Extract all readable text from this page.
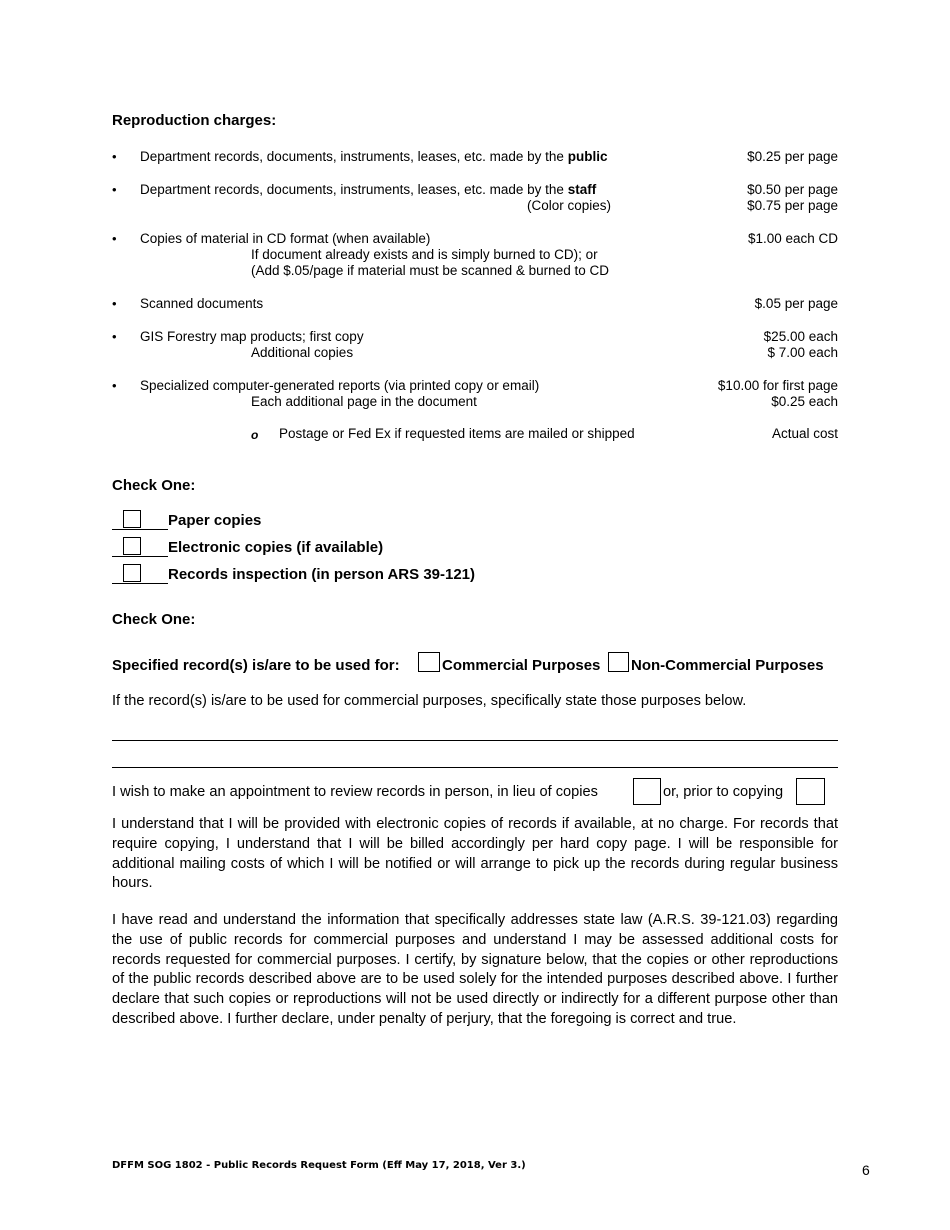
Reproduction charges:
• Department records, documents, instruments, leases, etc. made by the public	$0.25 per page
• Department records, documents, instruments, leases, etc. made by the staff	$0.50 per page
(Color copies)	$0.75 per page
• Copies of material in CD format (when available)	$1.00 each CD
If document already exists and is simply burned to CD); or
(Add $.05/page if material must be scanned & burned to CD
• Scanned documents	$.05 per page
• GIS Forestry map products; first copy	$25.00 each
Additional copies	$ 7.00 each
• Specialized computer-generated reports (via printed copy or email)	$10.00 for first page
Each additional page in the document	$0.25 each
o Postage or Fed Ex if requested items are mailed or shipped	Actual cost
Check One:
Paper copies
Electronic copies (if available)
Records inspection (in person ARS 39-121)
Check One:
Specified record(s) is/are to be used for:	Commercial Purposes Non-Commercial Purposes
If the record(s) is/are to be used for commercial purposes, specifically state those purposes below.
I wish to make an appointment to review records in person, in lieu of copies	or, prior to copying
I understand that I will be provided with electronic copies of records if available, at no charge. For records that require copying, I understand that I will be billed accordingly per hard copy page. I will be responsible for additional mailing costs of which I will be notified or will arrange to pick up the records during regular business hours.
I have read and understand the information that specifically addresses state law (A.R.S. 39-121.03) regarding the use of public records for commercial purposes and understand I may be assessed additional costs for records requested for commercial purposes. I certify, by signature below, that the copies or other reproductions of the public records described above are to be used solely for the intended purposes described above. I further declare that such copies or reproductions will not be used directly or indirectly for a different purpose other than described above. I further declare, under penalty of perjury, that the foregoing is correct and true.
DFFM SOG 1802 - Public Records Request Form (Eff May 17, 2018, Ver 3.)	6
